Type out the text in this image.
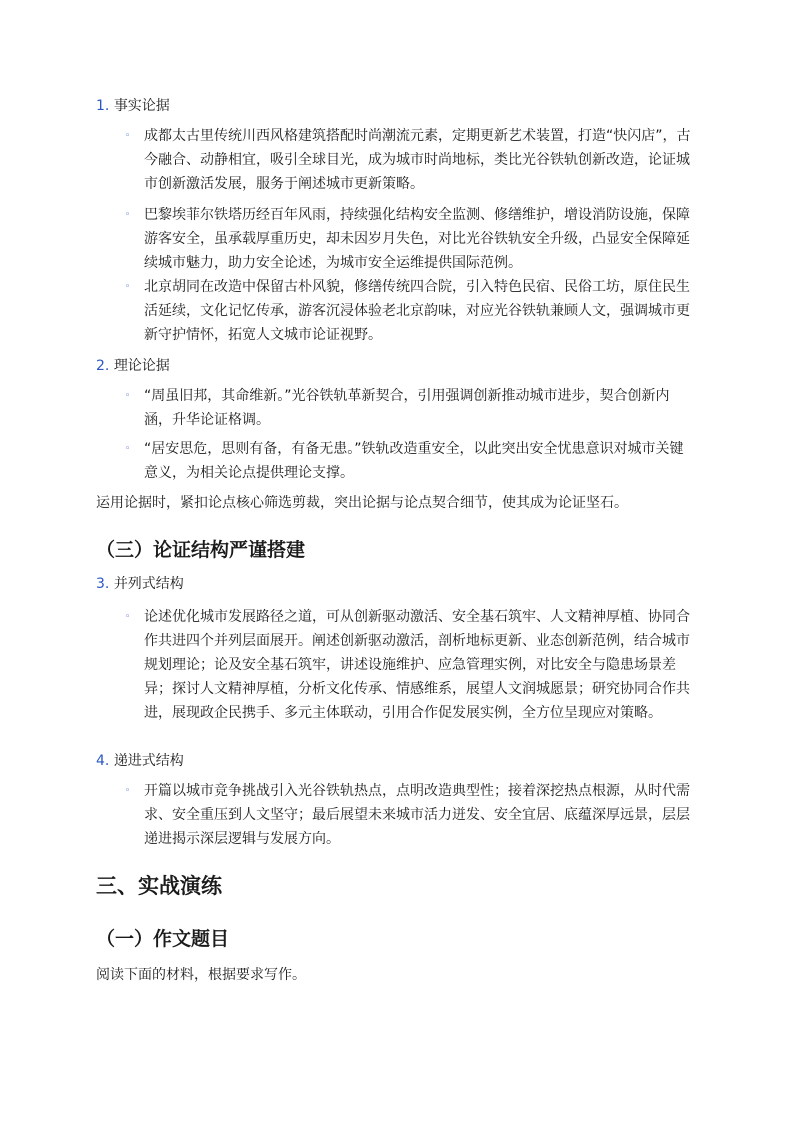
1. 事实论据
◦ 成都太古里传统川西风格建筑搭配时尚潮流元素，定期更新艺术装置，打造“快闪店”，古今融合、动静相宜，吸引全球目光，成为城市时尚地标，类比光谷铁轨创新改造，论证城市创新激活发展，服务于阐述城市更新策略。
◦ 巴黎埃菲尔铁塔历经百年风雨，持续强化结构安全监测、修缮维护，增设消防设施，保障游客安全，虽承载厚重历史，却未因岁月失色，对比光谷铁轨安全升级，凸显安全保障延续城市魅力，助力安全论述，为城市安全运维提供国际范例。
◦ 北京胡同在改造中保留古朴风貌，修缮传统四合院，引入特色民宿、民俗工坊，原住民生活延续，文化记忆传承，游客沉浸体验老北京韵味，对应光谷铁轨兼顾人文，强调城市更新守护情怀，拓宽人文城市论证视野。
2. 理论论据
◦ “周虽旧邦，其命维新。”光谷铁轨革新契合，引用强调创新推动城市进步，契合创新内涵，升华论证格调。
◦ “居安思危，思则有备，有备无患。”铁轨改造重安全，以此突出安全忧患意识对城市关键意义，为相关论点提供理论支撑。
运用论据时，紧扣论点核心筛选剪裁，突出论据与论点契合细节，使其成为论证坚石。
（三）论证结构严谨搭建
3. 并列式结构
◦ 论述优化城市发展路径之道，可从创新驱动激活、安全基石筑牢、人文精神厚植、协同合作共进四个并列层面展开。阐述创新驱动激活，剖析地标更新、业态创新范例，结合城市规划理论；论及安全基石筑牢，讲述设施维护、应急管理实例，对比安全与隐患场景差异；探讨人文精神厚植，分析文化传承、情感维系，展望人文润城愿景；研究协同合作共进，展现政企民携手、多元主体联动，引用合作促发展实例，全方位呈现应对策略。
4. 递进式结构
◦ 开篇以城市竞争挑战引入光谷铁轨热点，点明改造典型性；接着深挖热点根源，从时代需求、安全重压到人文坚守；最后展望未来城市活力迸发、安全宜居、底蕴深厚远景，层层递进揭示深层逻辑与发展方向。
三、实战演练
（一）作文题目
阅读下面的材料，根据要求写作。
